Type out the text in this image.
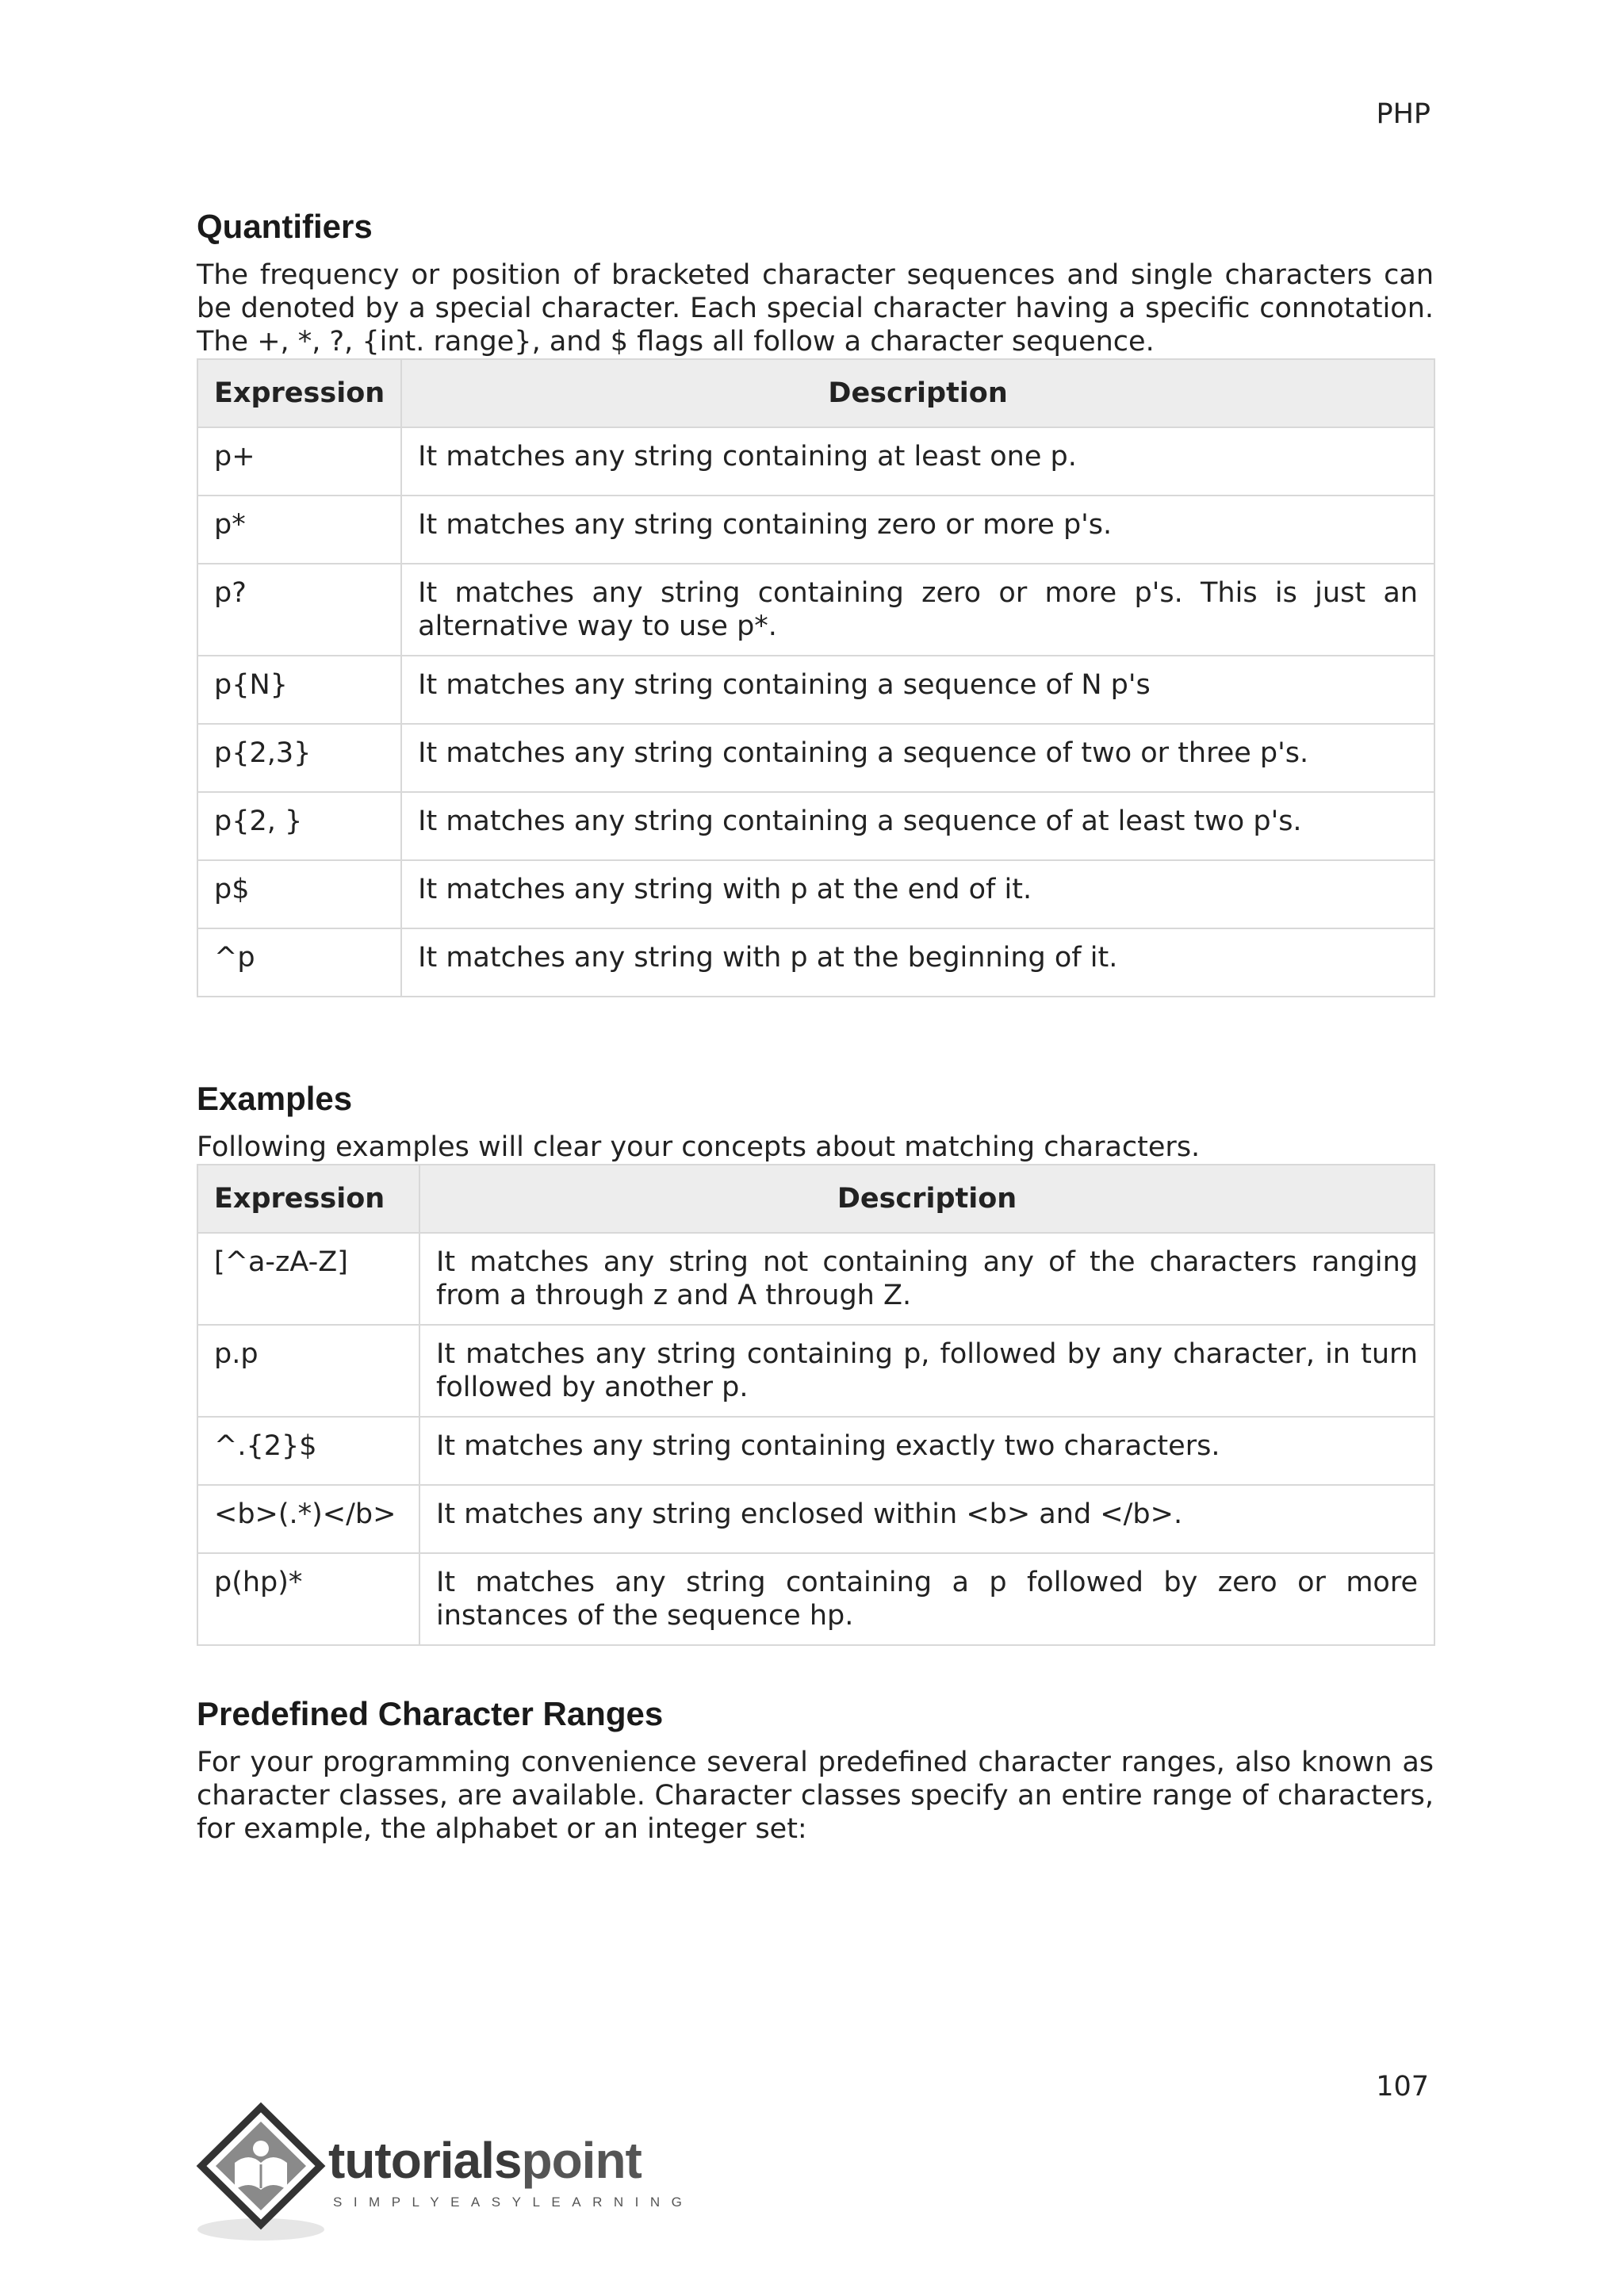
PHP
Quantifiers

The frequency or position of bracketed character sequences and single characters can be denoted by a special character. Each special character having a specific connotation. The +, *, ?, {int. range}, and $ flags all follow a character sequence.

Expression	Description
p+	It matches any string containing at least one p.
p*	It matches any string containing zero or more p's.
p?	It matches any string containing zero or more p's. This is just an alternative way to use p*.
p{N}	It matches any string containing a sequence of N p's
p{2,3}	It matches any string containing a sequence of two or three p's.
p{2, }	It matches any string containing a sequence of at least two p's.
p$	It matches any string with p at the end of it.
^p	It matches any string with p at the beginning of it.
Examples

Following examples will clear your concepts about matching characters.

Expression	Description
[^a-zA-Z]	It matches any string not containing any of the characters ranging from a through z and A through Z.
p.p	It matches any string containing p, followed by any character, in turn followed by another p.
^.{2}$	It matches any string containing exactly two characters.
<b>(.*)</b>	It matches any string enclosed within <b> and </b>.
p(hp)*	It matches any string containing a p followed by zero or more instances of the sequence hp.
Predefined Character Ranges

For your programming convenience several predefined character ranges, also known as character classes, are available. Character classes specify an entire range of characters, for example, the alphabet or an integer set:

107
tutorialspoint
SIMPLYEASYLEARNING
